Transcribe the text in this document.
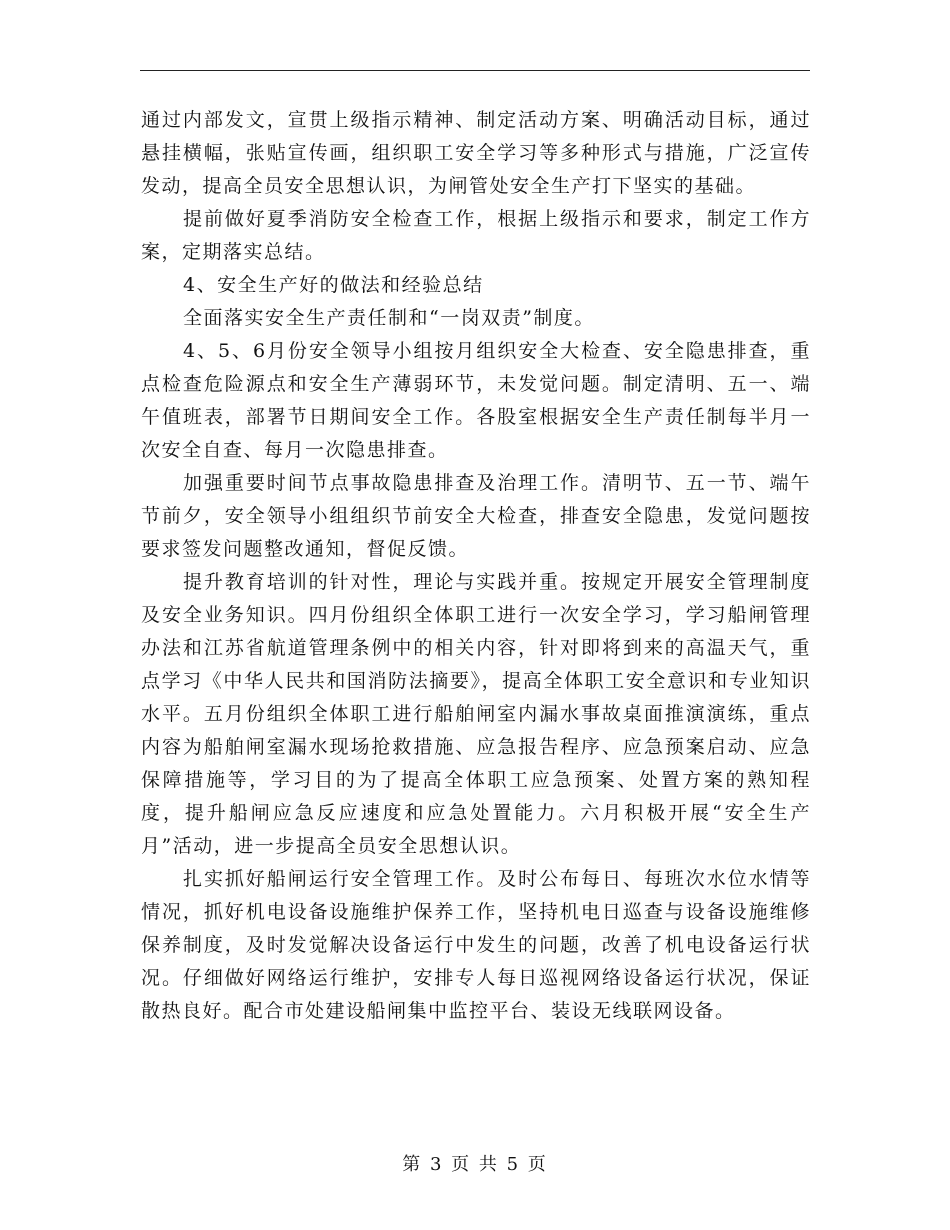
通过内部发文，宣贯上级指示精神、制定活动方案、明确活动目标，通过悬挂横幅，张贴宣传画，组织职工安全学习等多种形式与措施，广泛宣传发动，提高全员安全思想认识，为闸管处安全生产打下坚实的基础。

提前做好夏季消防安全检查工作，根据上级指示和要求，制定工作方案，定期落实总结。

4、安全生产好的做法和经验总结

全面落实安全生产责任制和“一岗双责”制度。

4、5、6月份安全领导小组按月组织安全大检查、安全隐患排查，重点检查危险源点和安全生产薄弱环节，未发觉问题。制定清明、五一、端午值班表，部署节日期间安全工作。各股室根据安全生产责任制每半月一次安全自查、每月一次隐患排查。

加强重要时间节点事故隐患排查及治理工作。清明节、五一节、端午节前夕，安全领导小组组织节前安全大检查，排查安全隐患，发觉问题按要求签发问题整改通知，督促反馈。

提升教育培训的针对性，理论与实践并重。按规定开展安全管理制度及安全业务知识。四月份组织全体职工进行一次安全学习，学习船闸管理办法和江苏省航道管理条例中的相关内容，针对即将到来的高温天气，重点学习《中华人民共和国消防法摘要》，提高全体职工安全意识和专业知识水平。五月份组织全体职工进行船舶闸室内漏水事故桌面推演演练，重点内容为船舶闸室漏水现场抢救措施、应急报告程序、应急预案启动、应急保障措施等，学习目的为了提高全体职工应急预案、处置方案的熟知程度，提升船闸应急反应速度和应急处置能力。六月积极开展“安全生产月”活动，进一步提高全员安全思想认识。

扎实抓好船闸运行安全管理工作。及时公布每日、每班次水位水情等情况，抓好机电设备设施维护保养工作，坚持机电日巡查与设备设施维修保养制度，及时发觉解决设备运行中发生的问题，改善了机电设备运行状况。仔细做好网络运行维护，安排专人每日巡视网络设备运行状况，保证散热良好。配合市处建设船闸集中监控平台、装设无线联网设备。

第 3 页 共 5 页
